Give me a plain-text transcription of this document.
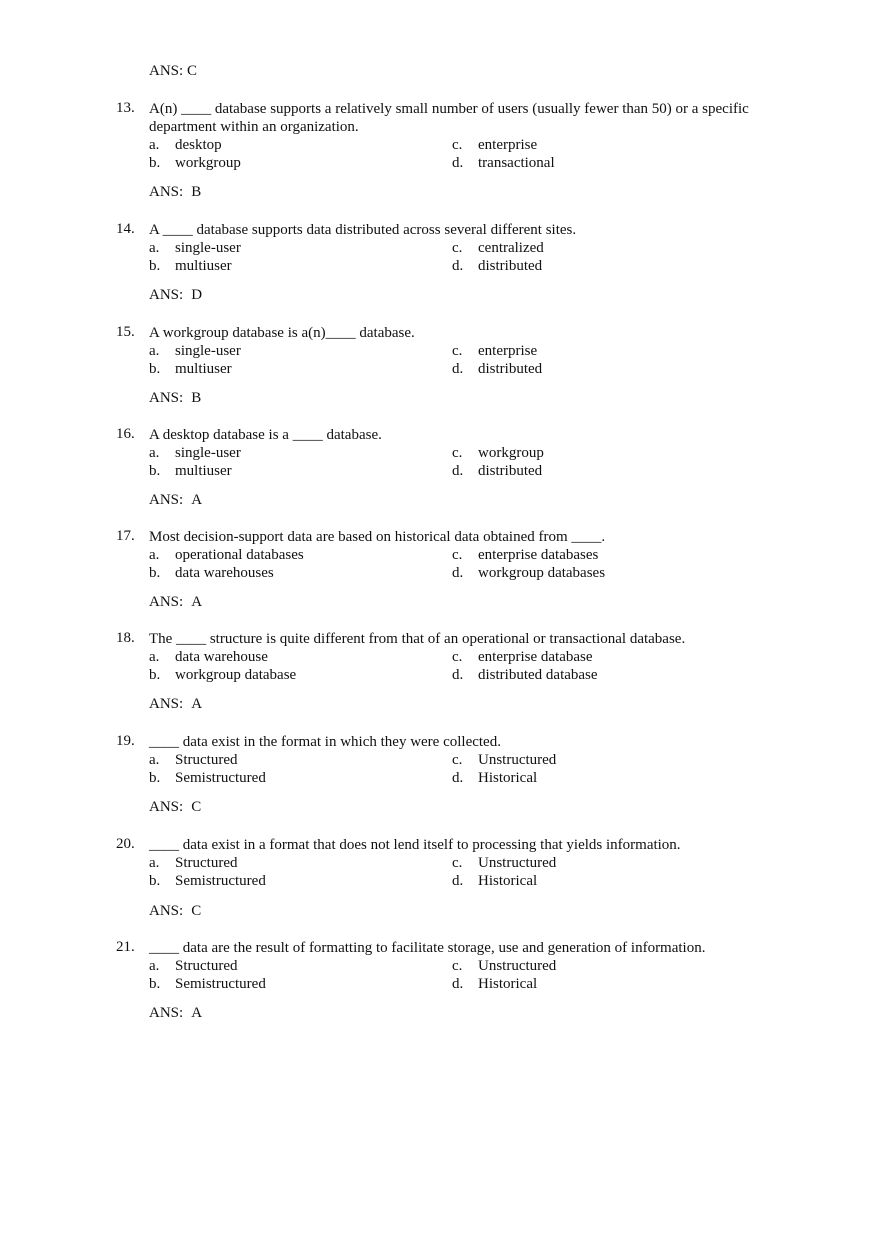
ANS: C
13. A(n) ____ database supports a relatively small number of users (usually fewer than 50) or a specific department within an organization.
a. desktop
b. workgroup
c. enterprise
d. transactional
ANS: B
14. A ____ database supports data distributed across several different sites.
a. single-user
b. multiuser
c. centralized
d. distributed
ANS: D
15. A workgroup database is a(n)____ database.
a. single-user
b. multiuser
c. enterprise
d. distributed
ANS: B
16. A desktop database is a ____ database.
a. single-user
b. multiuser
c. workgroup
d. distributed
ANS: A
17. Most decision-support data are based on historical data obtained from ____.
a. operational databases
b. data warehouses
c. enterprise databases
d. workgroup databases
ANS: A
18. The ____ structure is quite different from that of an operational or transactional database.
a. data warehouse
b. workgroup database
c. enterprise database
d. distributed database
ANS: A
19. ____ data exist in the format in which they were collected.
a. Structured
b. Semistructured
c. Unstructured
d. Historical
ANS: C
20. ____ data exist in a format that does not lend itself to processing that yields information.
a. Structured
b. Semistructured
c. Unstructured
d. Historical
ANS: C
21. ____ data are the result of formatting to facilitate storage, use and generation of information.
a. Structured
b. Semistructured
c. Unstructured
d. Historical
ANS: A
